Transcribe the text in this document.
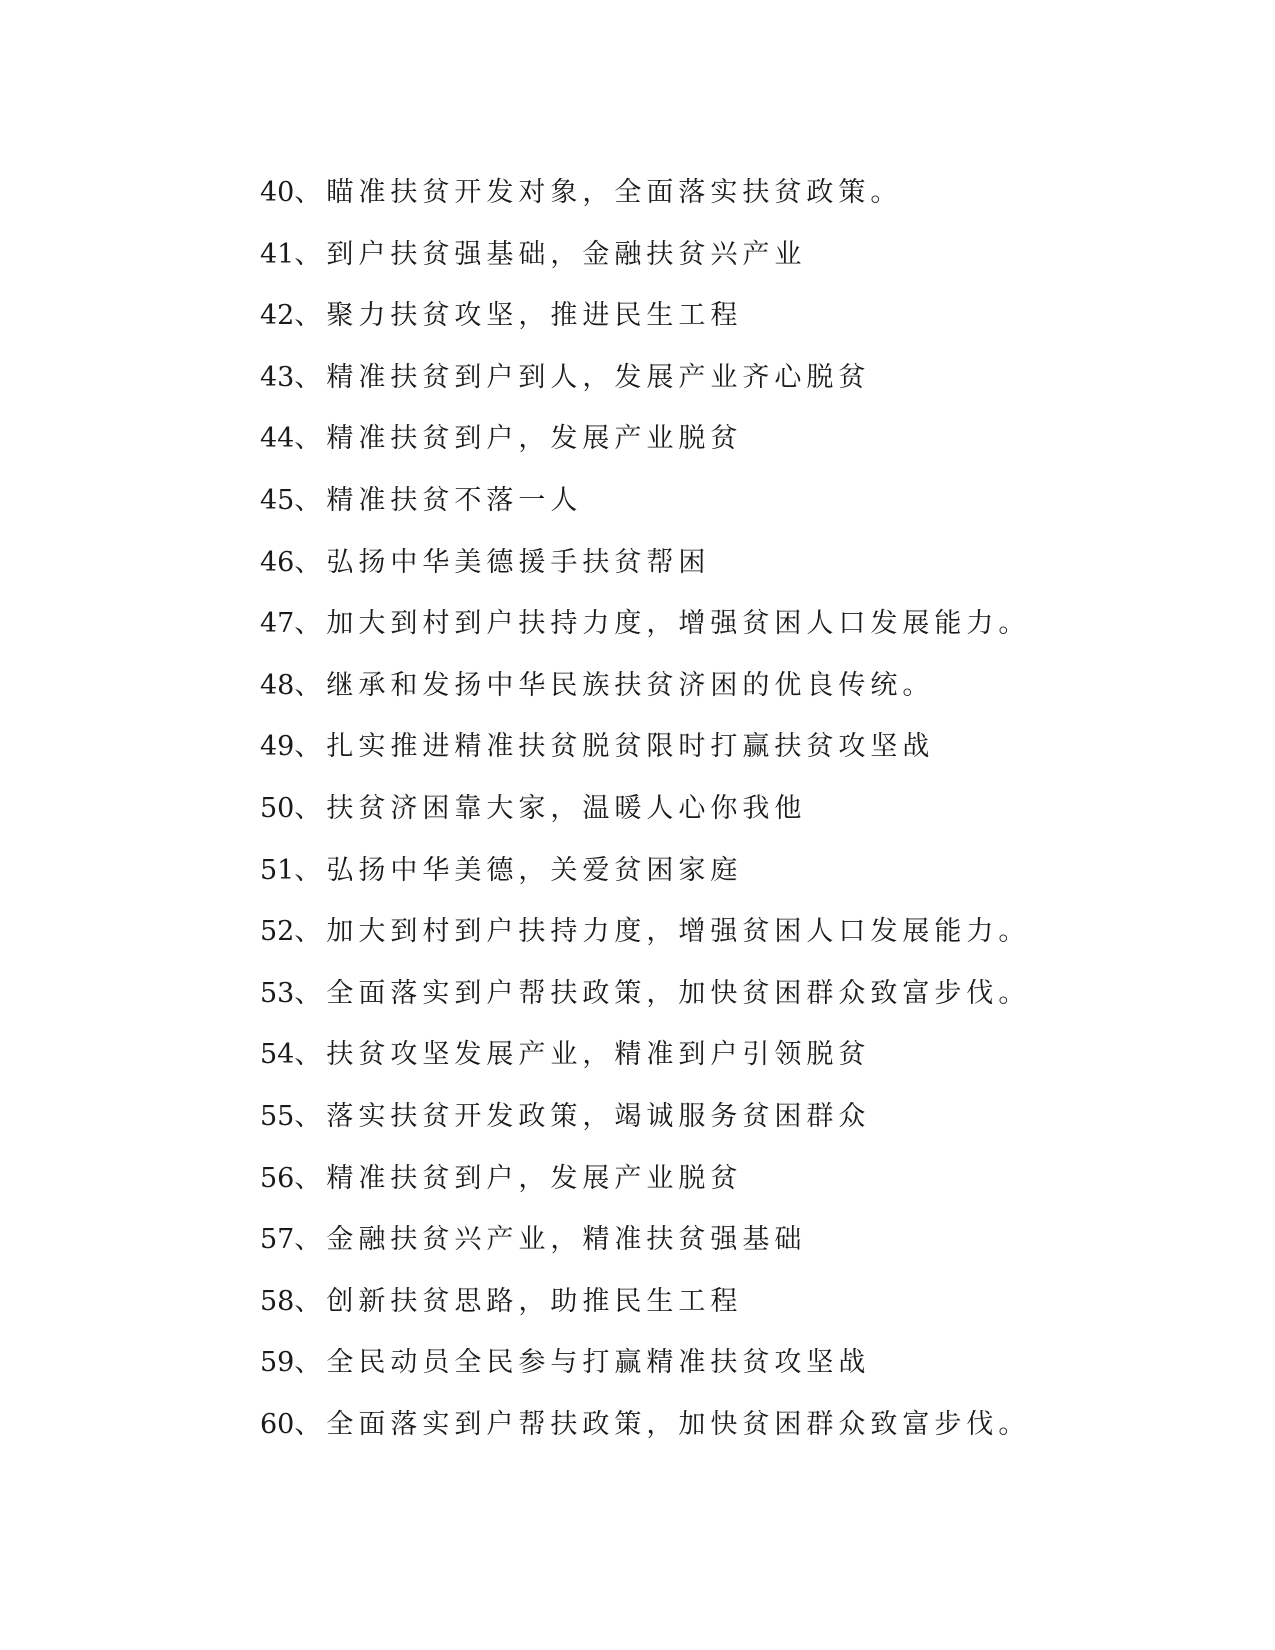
40、瞄准扶贫开发对象，全面落实扶贫政策。
41、到户扶贫强基础，金融扶贫兴产业
42、聚力扶贫攻坚，推进民生工程
43、精准扶贫到户到人，发展产业齐心脱贫
44、精准扶贫到户，发展产业脱贫
45、精准扶贫不落一人
46、弘扬中华美德援手扶贫帮困
47、加大到村到户扶持力度，增强贫困人口发展能力。
48、继承和发扬中华民族扶贫济困的优良传统。
49、扎实推进精准扶贫脱贫限时打赢扶贫攻坚战
50、扶贫济困靠大家，温暖人心你我他
51、弘扬中华美德，关爱贫困家庭
52、加大到村到户扶持力度，增强贫困人口发展能力。
53、全面落实到户帮扶政策，加快贫困群众致富步伐。
54、扶贫攻坚发展产业，精准到户引领脱贫
55、落实扶贫开发政策，竭诚服务贫困群众
56、精准扶贫到户，发展产业脱贫
57、金融扶贫兴产业，精准扶贫强基础
58、创新扶贫思路，助推民生工程
59、全民动员全民参与打赢精准扶贫攻坚战
60、全面落实到户帮扶政策，加快贫困群众致富步伐。
